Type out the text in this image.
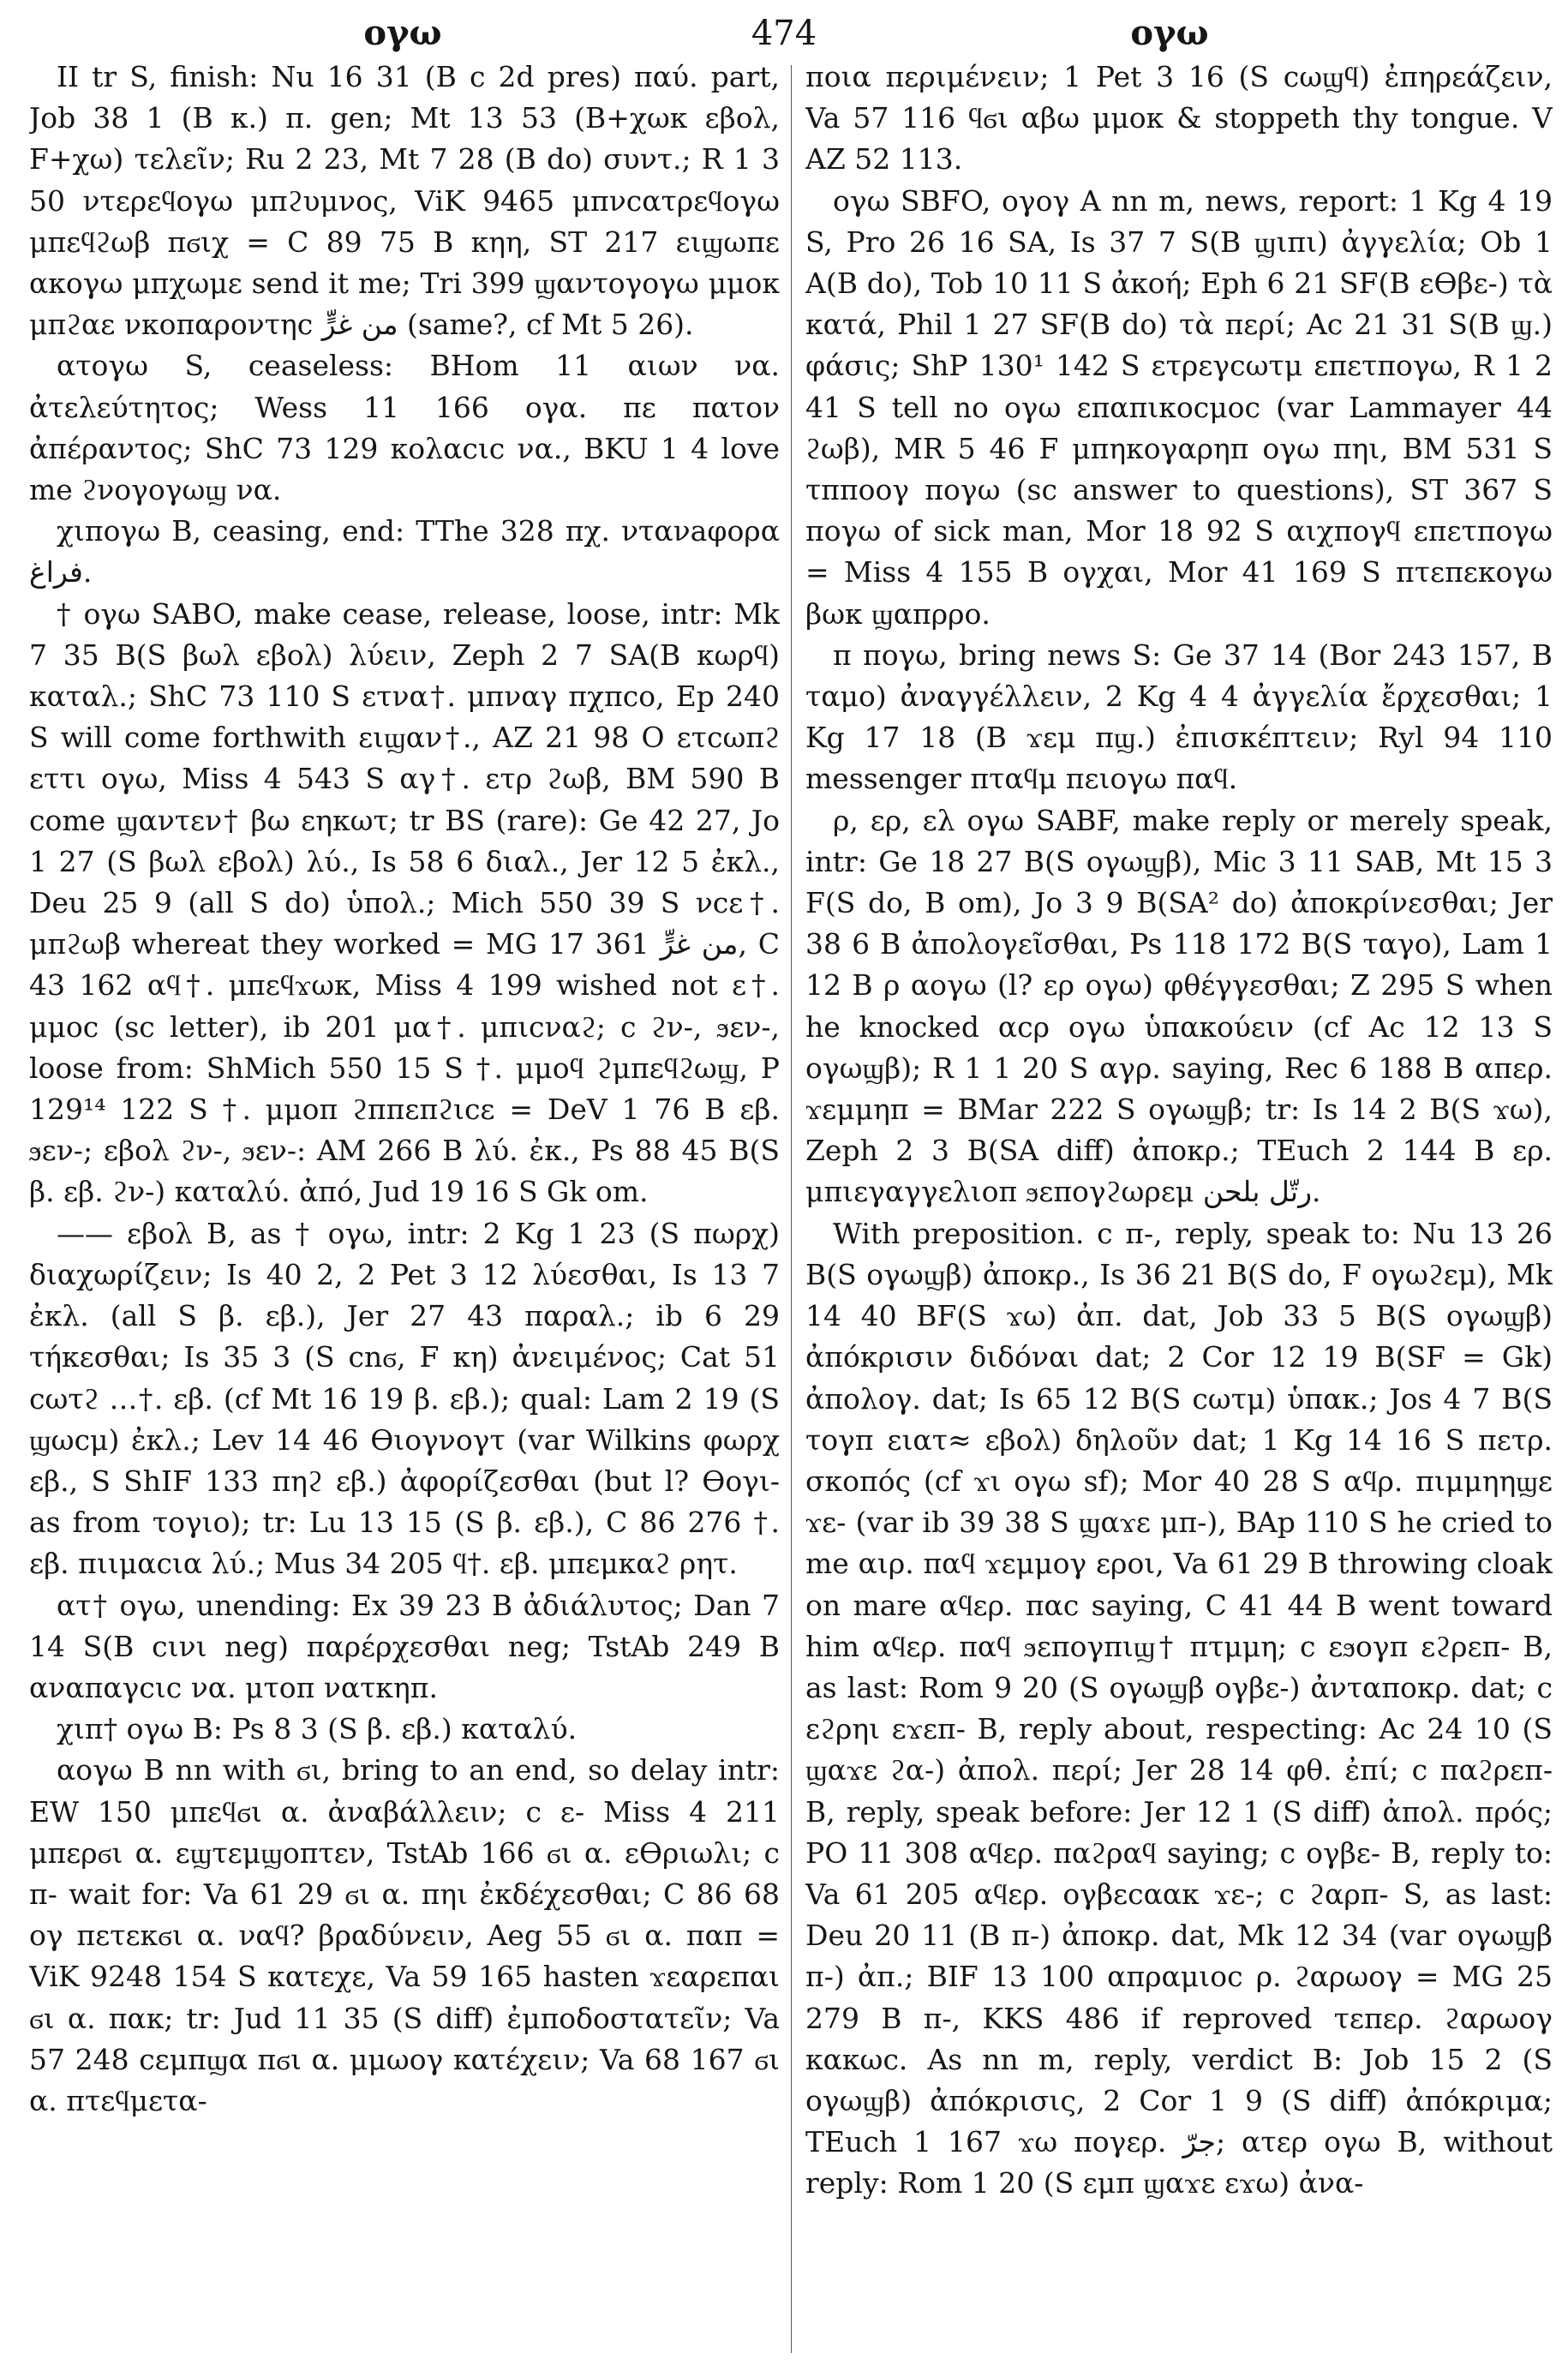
ογω	474	ογω

II tr S, finish: Nu 16 31 (B c 2d pres) παύ. part, Job 38 1 (B κ.) π. gen; Mt 13 53 (B+χωκ εβολ, F+χω) τελεῖν; Ru 2 23, Mt 7 28 (B do) συντ.; R 1 3 50 ντερεϥογω μπϩυμνος, ViK 9465 μπνcατρεϥογω μπεϥϩωβ πϭιχ = C 89 75 B κηη, ST 217 ειϣωπε ακογω μπχωμε send it me; Tri 399 ϣαντογογω μμοκ μπϩαε νκοπαροντηc من غرٍّ (same?, cf Mt 5 26).

ατογω S, ceaseless: BHom 11 αιων να. ἀτελεύτητος; Wess 11 166 ογα. πε πατον ἀπέραντος; ShC 73 129 κολαcιc να., BKU 1 4 love me ϩνογογωϣ να.

χιπογω B, ceasing, end: TThe 328 πχ. ντανaφορα فراغ.

† ογω SABO, make cease, release, loose, intr: Mk 7 35 B(S βωλ εβολ) λύειν, Zeph 2 7 SA(B κωρϥ) καταλ.; ShC 73 110 S ετνα†. μπναγ πχπcο, Ep 240 S will come forthwith ειϣαν†., AZ 21 98 O ετcωπϩ εττι ογω, Miss 4 543 S αγ†. ετρ ϩωβ, BM 590 B come ϣαντεν† βω εηκωτ; tr BS (rare): Ge 42 27, Jo 1 27 (S βωλ εβολ) λύ., Is 58 6 διαλ., Jer 12 5 ἐκλ., Deu 25 9 (all S do) ὑπολ.; Mich 550 39 S νcε†. μπϩωβ whereat they worked = MG 17 361 من غرٍّ, C 43 162 αϥ†. μπεϥϫωκ, Miss 4 199 wished not ε†. μμοc (sc letter), ib 201 μα†. μπιcναϩ; c ϩν-, ϧεν-, loose from: ShMich 550 15 S †. μμοϥ ϩμπεϥϩωϣ, P 129¹⁴ 122 S †. μμοπ ϩππεπϩιcε = DeV 1 76 B εβ. ϧεν-; εβολ ϩν-, ϧεν-: AM 266 B λύ. ἐκ., Ps 88 45 B(S β. εβ. ϩν-) καταλύ. ἀπό, Jud 19 16 S Gk om.

—— εβολ B, as † ογω, intr: 2 Kg 1 23 (S πωρχ) διαχωρίζειν; Is 40 2, 2 Pet 3 12 λύεσθαι, Is 13 7 ἐκλ. (all S β. εβ.), Jer 27 43 παραλ.; ib 6 29 τήκεσθαι; Is 35 3 (S cnϭ, F κη) ἀνειμένος; Cat 51 cωτϩ …†. εβ. (cf Mt 16 19 β. εβ.); qual: Lam 2 19 (S ϣωcμ) ἐκλ.; Lev 14 46 ϴιογνογτ (var Wilkins φωρχ εβ., S ShIF 133 πηϩ εβ.) ἀφορίζεσθαι (but l? ϴογι- as from τογιο); tr: Lu 13 15 (S β. εβ.), C 86 276 †. εβ. πιιμαcια λύ.; Mus 34 205 ϥ†. εβ. μπεμκαϩ ρητ.

ατ† ογω, unending: Ex 39 23 B ἀδιάλυτος; Dan 7 14 S(B cινι neg) παρέρχεσθαι neg; TstAb 249 B αναπαγcιc να. μτοπ νατκηπ.

χιπ† ογω B: Ps 8 3 (S β. εβ.) καταλύ.

αογω B nn with ϭι, bring to an end, so delay intr: EW 150 μπεϥϭι α. ἀναβάλλειν; c ε- Miss 4 211 μπερϭι α. εϣτεμϣοπτεν, TstAb 166 ϭι α. εϴριωλι; c π- wait for: Va 61 29 ϭι α. πηι ἐκδέχεσθαι; C 86 68 ογ πετεκϭι α. ναϥ? βραδύνειν, Aeg 55 ϭι α. παπ = ViK 9248 154 S κατεχε, Va 59 165 hasten ϫεαρεπαι ϭι α. πακ; tr: Jud 11 35 (S diff) ἐμποδοστατεῖν; Va 57 248 cεμπϣα πϭι α. μμωογ κατέχειν; Va 68 167 ϭι α. πτεϥμετα-

ποια περιμένειν; 1 Pet 3 16 (S cωϣϥ) ἐπηρεάζειν, Va 57 116 ϥϭι αβω μμοκ & stoppeth thy tongue. V AZ 52 113.

ογω SBFO, ογογ A nn m, news, report: 1 Kg 4 19 S, Pro 26 16 SA, Is 37 7 S(B ϣιπι) ἀγγελία; Ob 1 A(B do), Tob 10 11 S ἀκοή; Eph 6 21 SF(B εϴβε-) τὰ κατά, Phil 1 27 SF(B do) τὰ περί; Ac 21 31 S(B ϣ.) φάσις; ShP 130¹ 142 S ετρεγcωτμ επετπογω, R 1 2 41 S tell no ογω επαπικοcμοc (var Lammayer 44 ϩωβ), MR 5 46 F μπηκογαρηπ ογω πηι, BM 531 S τπποογ πογω (sc answer to questions), ST 367 S πογω of sick man, Mor 18 92 S αιχπογϥ επετπογω = Miss 4 155 B ογχαι, Mor 41 169 S πτεπεκογω βωκ ϣαπρρο.

π πογω, bring news S: Ge 37 14 (Bor 243 157, B ταμο) ἀναγγέλλειν, 2 Kg 4 4 ἀγγελία ἔρχεσθαι; 1 Kg 17 18 (B ϫεμ πϣ.) ἐπισκέπτειν; Ryl 94 110 messenger πταϥμ πειογω παϥ.

ρ, ερ, ελ ογω SABF, make reply or merely speak, intr: Ge 18 27 B(S ογωϣβ), Mic 3 11 SAB, Mt 15 3 F(S do, B om), Jo 3 9 B(SA² do) ἀποκρίνεσθαι; Jer 38 6 B ἀπολογεῖσθαι, Ps 118 172 B(S ταγο), Lam 1 12 B ρ αογω (l? ερ ογω) φθέγγεσθαι; Z 295 S when he knocked αcρ ογω ὑπακούειν (cf Ac 12 13 S ογωϣβ); R 1 1 20 S αγρ. saying, Rec 6 188 B απερ. ϫεμμηπ = BMar 222 S ογωϣβ; tr: Is 14 2 B(S ϫω), Zeph 2 3 B(SA diff) ἀποκρ.; TEuch 2 144 B ερ. μπιεγαγγελιοπ ϧεπογϩωρεμ رتّل بلحن.

With preposition. c π-, reply, speak to: Nu 13 26 B(S ογωϣβ) ἀποκρ., Is 36 21 B(S do, F ογωϩεμ), Mk 14 40 BF(S ϫω) ἀπ. dat, Job 33 5 B(S ογωϣβ) ἀπόκρισιν διδόναι dat; 2 Cor 12 19 B(SF = Gk) ἀπολογ. dat; Is 65 12 B(S cωτμ) ὑπακ.; Jos 4 7 B(S τογπ ειατ≈ εβολ) δηλοῦν dat; 1 Kg 14 16 S πετρ. σκοπός (cf ϫι ογω sf); Mor 40 28 S αϥρ. πιμμηηϣε ϫε- (var ib 39 38 S ϣαϫε μπ-), BAp 110 S he cried to me αιρ. παϥ ϫεμμογ εροι, Va 61 29 B throwing cloak on mare αϥερ. παc saying, C 41 44 B went toward him αϥερ. παϥ ϧεπογπιϣ† πτμμη; c εϧογπ εϩρεπ- B, as last: Rom 9 20 (S ογωϣβ ογβε-) ἀνταποκρ. dat; c εϩρηι εϫεπ- B, reply about, respecting: Ac 24 10 (S ϣαϫε ϩα-) ἀπολ. περί; Jer 28 14 φθ. ἐπί; c παϩρεπ- B, reply, speak before: Jer 12 1 (S diff) ἀπολ. πρός; PO 11 308 αϥερ. παϩραϥ saying; c ογβε- B, reply to: Va 61 205 αϥερ. ογβεcαακ ϫε-; c ϩαρπ- S, as last: Deu 20 11 (B π-) ἀποκρ. dat, Mk 12 34 (var ογωϣβ π-) ἀπ.; BIF 13 100 απραμιοc ρ. ϩαρωογ = MG 25 279 B π-, KKS 486 if reproved τεπερ. ϩαρωογ κακωc. As nn m, reply, verdict B: Job 15 2 (S ογωϣβ) ἀπόκρισις, 2 Cor 1 9 (S diff) ἀπόκριμα; TEuch 1 167 ϫω πογερ. جرّ; ατερ ογω B, without reply: Rom 1 20 (S εμπ ϣαϫε εϫω) ἀνα-
